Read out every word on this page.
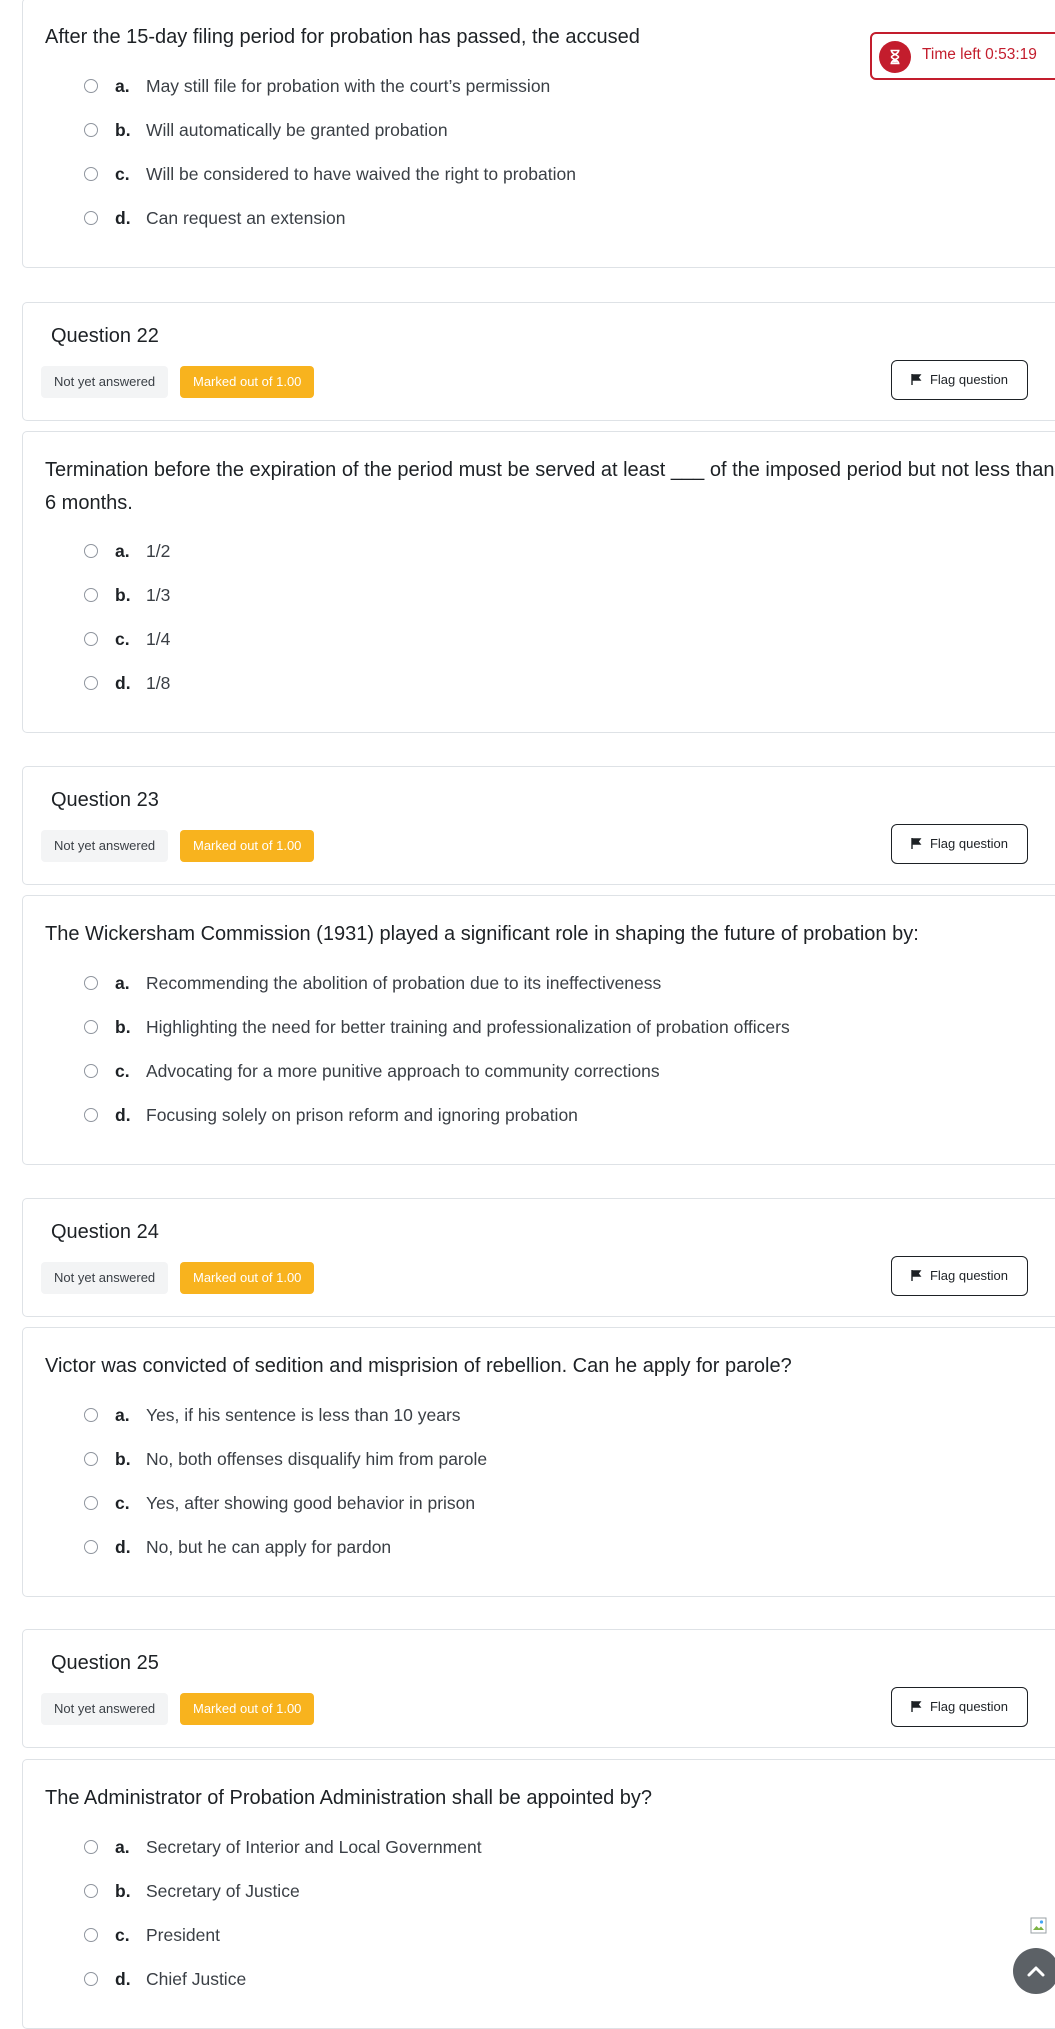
After the 15-day filing period for probation has passed, the accused
a. May still file for probation with the court’s permission
b. Will automatically be granted probation
c. Will be considered to have waived the right to probation
d. Can request an extension
Time left 0:53:19
Question 22
Not yet answered	Marked out of 1.00	Flag question
Termination before the expiration of the period must be served at least ___ of the imposed period but not less than 6 months.
a. 1/2
b. 1/3
c. 1/4
d. 1/8
Question 23
Not yet answered	Marked out of 1.00	Flag question
The Wickersham Commission (1931) played a significant role in shaping the future of probation by:
a. Recommending the abolition of probation due to its ineffectiveness
b. Highlighting the need for better training and professionalization of probation officers
c. Advocating for a more punitive approach to community corrections
d. Focusing solely on prison reform and ignoring probation
Question 24
Not yet answered	Marked out of 1.00	Flag question
Victor was convicted of sedition and misprision of rebellion. Can he apply for parole?
a. Yes, if his sentence is less than 10 years
b. No, both offenses disqualify him from parole
c. Yes, after showing good behavior in prison
d. No, but he can apply for pardon
Question 25
Not yet answered	Marked out of 1.00	Flag question
The Administrator of Probation Administration shall be appointed by?
a. Secretary of Interior and Local Government
b. Secretary of Justice
c. President
d. Chief Justice
